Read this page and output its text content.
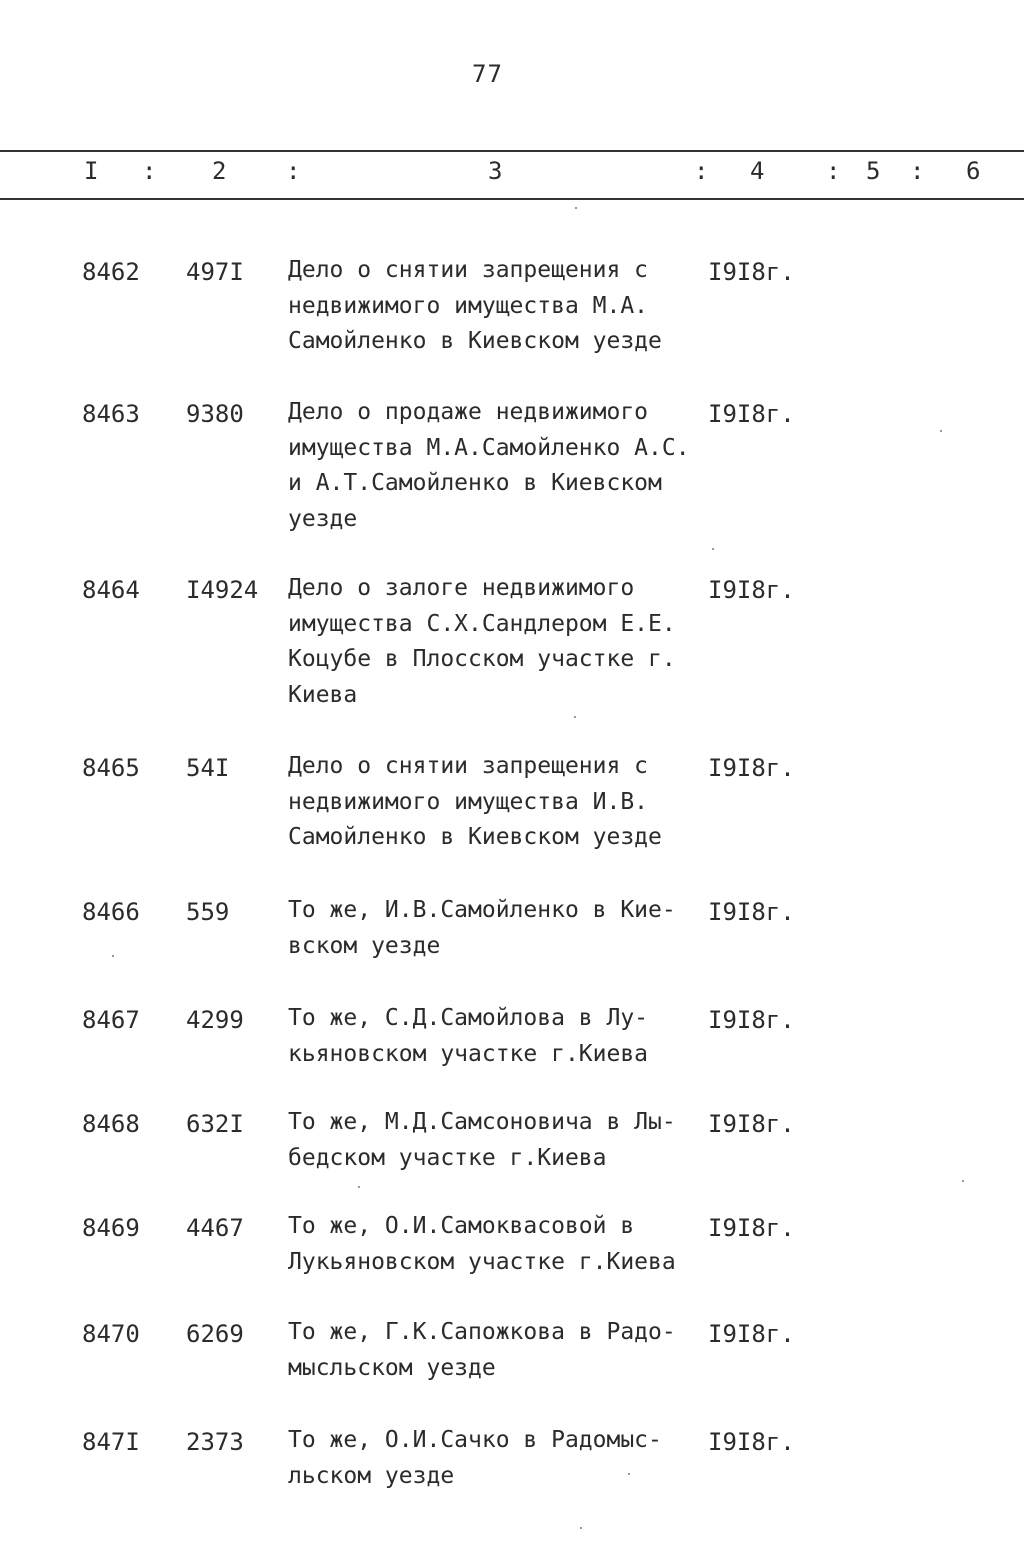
77
I : 2 :	3	: 4	: 5 : 6
8462 497I Дело о снятии запрещения с
недвижимого имущества М.А.
Самойленко в Киевском уезде
I9I8г.
8463 9380 Дело о продаже недвижимого
имущества М.А.Самойленко А.С.
и А.Т.Самойленко в Киевском
уезде
I9I8г.
8464 I4924 Дело о залоге недвижимого
имущества С.Х.Сандлером Е.Е.
Коцубе в Плосском участке г.
Киева
I9I8г.
8465 54I	Дело о снятии запрещения с
недвижимого имущества И.В.
Самойленко в Киевском уезде
I9I8г.
8466 559	То же, И.В.Самойленко в Кие-
вском уезде
I9I8г.
8467 4299 То же, С.Д.Самойлова в Лу-
кьяновском участке г.Киева
I9I8г.
8468 632I То же, М.Д.Самсоновича в Лы-
бедском участке г.Киева
I9I8г.
8469 4467 То же, О.И.Самоквасовой в
Лукьяновском участке г.Киева
I9I8г.
8470 6269 То же, Г.К.Сапожкова в Радо-
мысльском уезде
I9I8г.
847I 2373 То же, О.И.Сачко в Радомыс-
льском уезде
I9I8г.
